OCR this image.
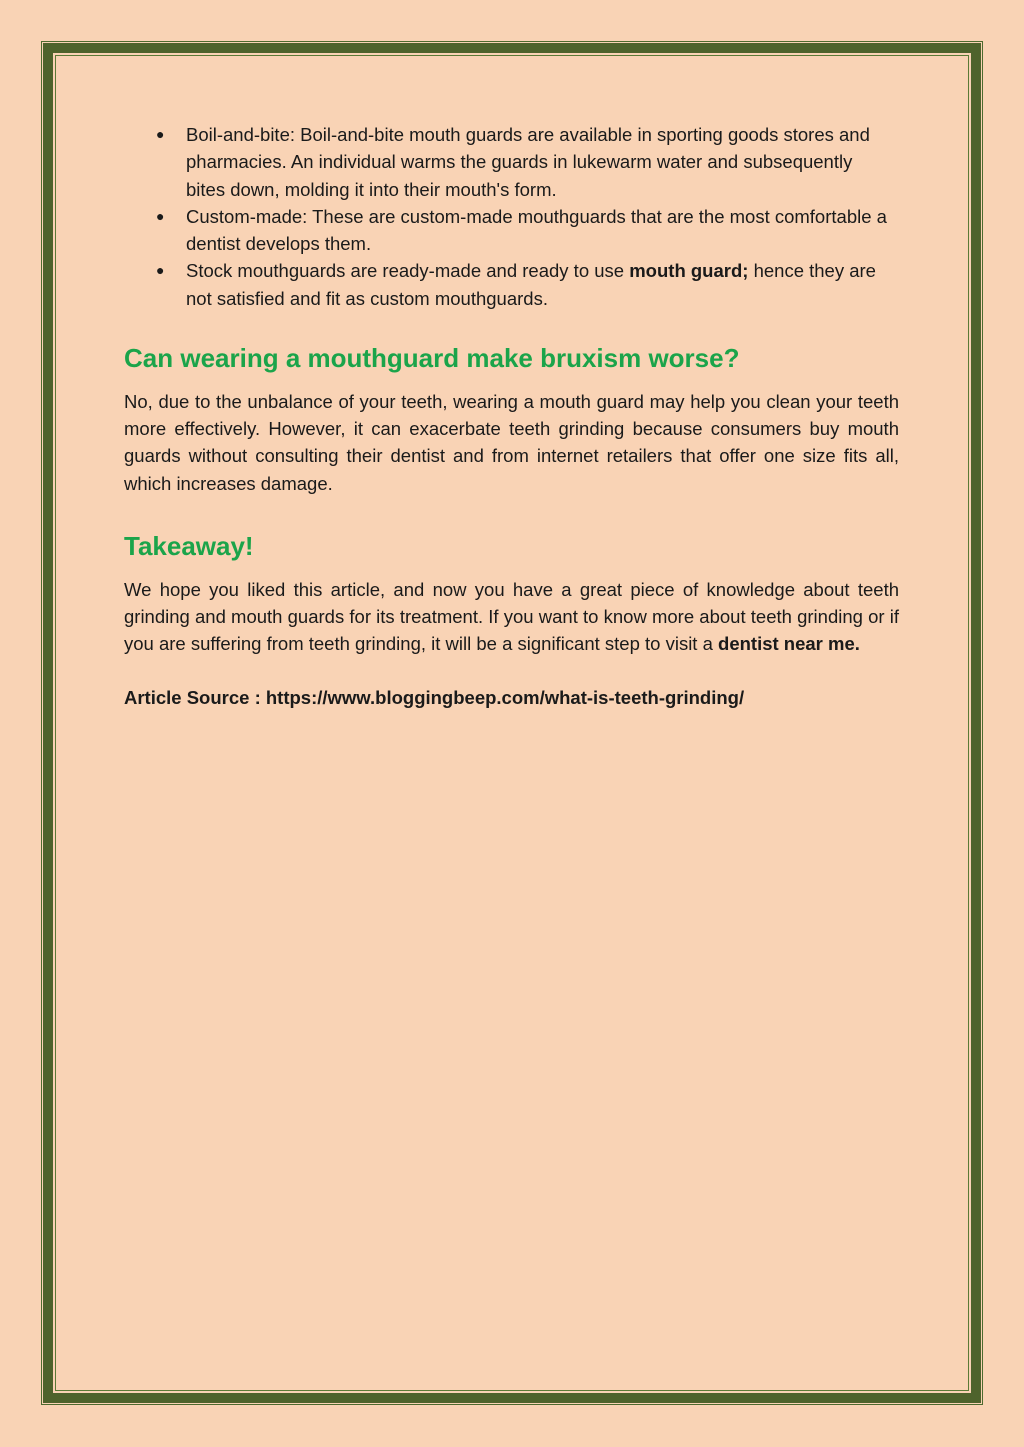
● Boil-and-bite: Boil-and-bite mouth guards are available in sporting goods stores and pharmacies. An individual warms the guards in lukewarm water and subsequently bites down, molding it into their mouth's form.
● Custom-made: These are custom-made mouthguards that are the most comfortable a dentist develops them.
● Stock mouthguards are ready-made and ready to use mouth guard; hence they are not satisfied and fit as custom mouthguards.
Can wearing a mouthguard make bruxism worse?

No, due to the unbalance of your teeth, wearing a mouth guard may help you clean your teeth more effectively. However, it can exacerbate teeth grinding because consumers buy mouth guards without consulting their dentist and from internet retailers that offer one size fits all, which increases damage.

Takeaway!

We hope you liked this article, and now you have a great piece of knowledge about teeth grinding and mouth guards for its treatment. If you want to know more about teeth grinding or if you are suffering from teeth grinding, it will be a significant step to visit a dentist near me.

Article Source : https://www.bloggingbeep.com/what-is-teeth-grinding/
